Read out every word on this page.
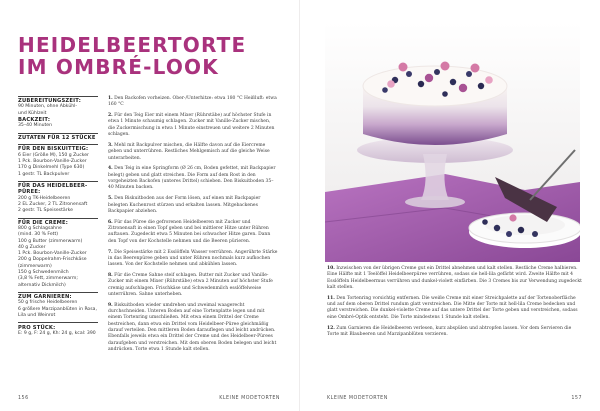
HEIDELBEERTORTE
IM OMBRÉ-LOOK
ZUBEREITUNGSZEIT:
90 Minuten, ohne Abkühl-
und Kühlzeit
BACKZEIT:
35–40 Minuten
ZUTATEN FÜR 12 STÜCKE
FÜR DEN BISKUITTEIG:
6 Eier (Größe M), 150 g Zucker
1 Pck. Bourbon-Vanille-Zucker
170 g Dinkelmehl (Type 630)
1 gestr. TL Backpulver
FÜR DAS HEIDELBEER-PÜREE:
200 g TK-Heidelbeeren
2 EL Zucker, 2 TL Zitronensaft
2 gestr. TL Speisestärke
FÜR DIE CREME:
800 g Schlagsahne
(mind. 30 % Fett)
100 g Butter (zimmerwarm)
40 g Zucker
1 Pck. Bourbon-Vanille-Zucker
200 g Doppelrahm-Frischkäse
(zimmerwarm)
150 g Schwedenmilch
(3,8 % Fett, zimmerwarm;
alternativ Dickmilch)
ZUM GARNIEREN:
50 g frische Heidelbeeren
6 größere Marzipanblüten in Rosa,
Lila und Weinrot
PRO STÜCK:
E: 9 g, F: 24 g, Kh: 24 g, kcal: 390

1. Den Backofen vorheizen. Ober-/Unterhitze: etwa 180 °C Heißluft: etwa 160 °C

2. Für den Teig Eier mit einem Mixer (Rührstäbe) auf höchster Stufe in etwa 1 Minute schaumig schlagen. Zucker mit Vanille-Zucker mischen, die Zuckermischung in etwa 1 Minute einstreuen und weitere 2 Minuten schlagen.

3. Mehl mit Backpulver mischen, die Hälfte davon auf die Eiercreme geben und unterrühren. Restliches Mehlgemisch auf die gleiche Weise unterarbeiten.

4. Den Teig in eine Springform (Ø 26 cm, Boden gefettet, mit Backpapier belegt) geben und glatt streichen. Die Form auf dem Rost in den vorgeheizten Backofen (unteres Drittel) schieben. Den Biskuitboden 35–40 Minuten backen.

5. Den Biskuitboden aus der Form lösen, auf einen mit Backpapier belegten Kuchenrost stürzen und erkalten lassen. Mitgebackenes Backpapier abziehen.

6. Für das Püree die gefrorenen Heidelbeeren mit Zucker und Zitronensaft in einen Topf geben und bei mittlerer Hitze unter Rühren auftauen. Zugedeckt etwa 5 Minuten bei schwacher Hitze garen. Dann den Topf von der Kochstelle nehmen und die Beeren pürieren.

7. Die Speisestärke mit 2 Esslöffeln Wasser verrühren. Angerührte Stärke in das Beerenpüree geben und unter Rühren nochmals kurz aufkochen lassen. Von der Kochstelle nehmen und abkühlen lassen.

8. Für die Creme Sahne steif schlagen. Butter mit Zucker und Vanille-Zucker mit einem Mixer (Rührstäbe) etwa 2 Minuten auf höchster Stufe cremig aufschlagen. Frischkäse und Schwedenmilch esslöffelweise unterrühren. Sahne unterheben.

9. Biskuitboden wieder umdrehen und zweimal waagerecht durchschneiden. Unteren Boden auf eine Tortenplatte legen und mit einem Tortenring umschließen. Mit etwa einem Drittel der Creme bestreichen, dann etwa ein Drittel vom Heidelbeer-Püree gleichmäßig darauf verteilen. Den mittleren Boden darauflegen und leicht andrücken. Ebenfalls jeweils etwa ein Drittel der Creme und des Heidelbeer-Pürees daraufgeben und verstreichen. Mit dem oberen Boden belegen und leicht andrücken. Torte etwa 1 Stunde kalt stellen.

156	KLEINE MODETORTEN	KLEINE MODETORTEN	157

10. Inzwischen von der übrigen Creme gut ein Drittel abnehmen und kalt stellen. Restliche Creme halbieren. Eine Hälfte mit 1 Teelöffel Heidelbeerpüree verrühren, sodass sie hell-lila gefärbt wird. Zweite Hälfte mit 4 Esslöffeln Heidelbeermus verrühren und dunkel-violett einfärben. Die 3 Cremes bis zur Verwendung zugedeckt kalt stellen.

11. Den Tortenring vorsichtig entfernen. Die weiße Creme mit einer Streichpalette auf der Tortenoberfläche und auf dem oberen Drittel rundum glatt verstreichen. Die Mitte der Torte mit hell-lila Creme bedecken und glatt verstreichen. Die dunkel-violette Creme auf das untere Drittel der Torte geben und verstreichen, sodass eine Ombré-Optik entsteht. Die Torte mindestens 1 Stunde kalt stellen.

12. Zum Garnieren die Heidelbeeren verlesen, kurz abspülen und abtropfen lassen. Vor dem Servieren die Torte mit Blaubeeren und Marzipanblüten verzieren.
